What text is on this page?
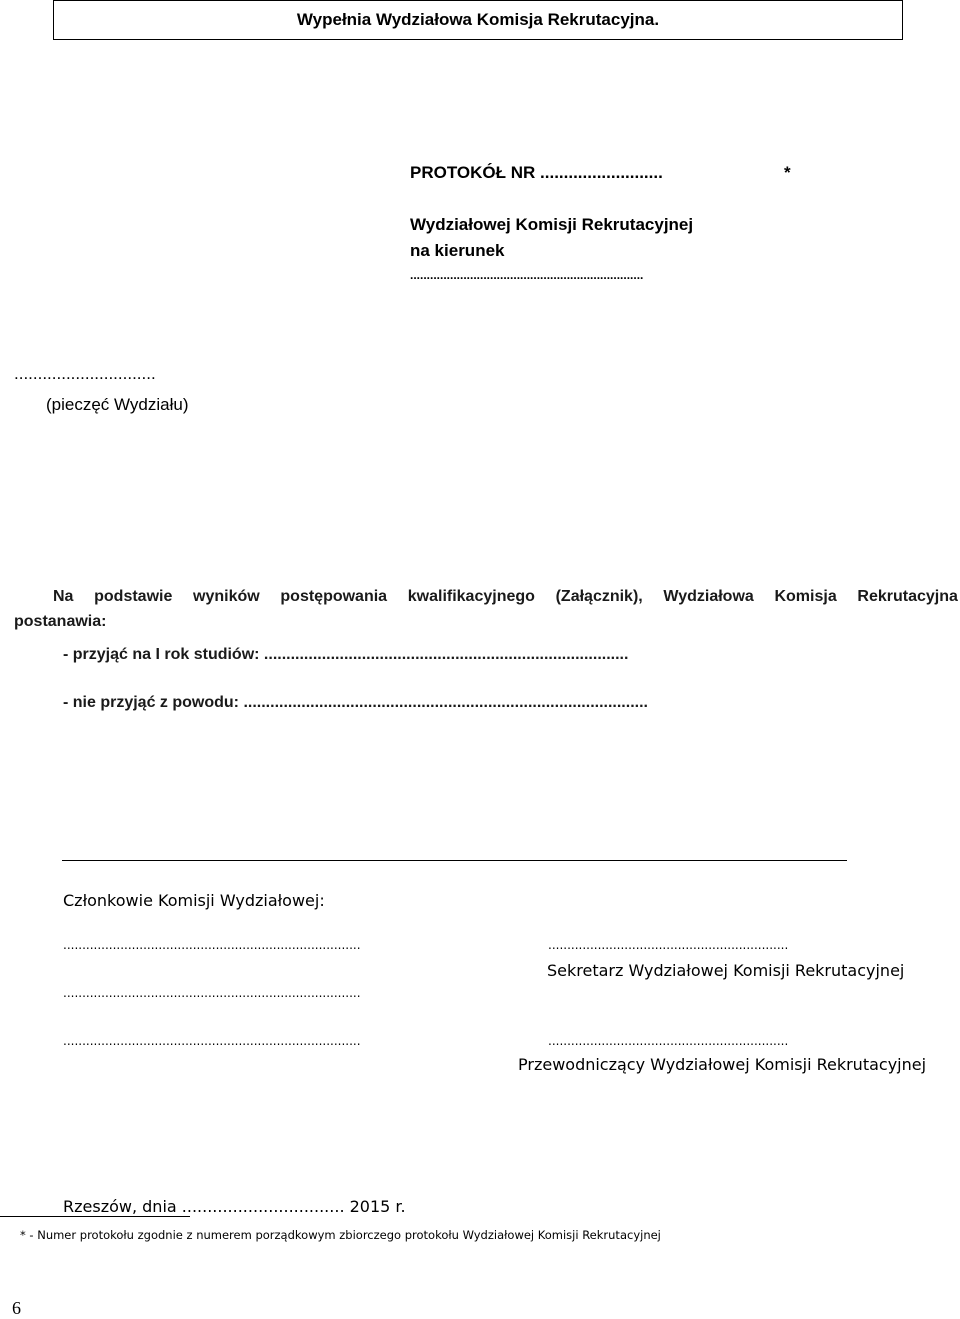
Wypełnia Wydziałowa Komisja Rekrutacyjna.
PROTOKÓŁ NR ..........................	*
Wydziałowej Komisji Rekrutacyjnej
na kierunek
......................................................................
..............................
(pieczęć Wydziału)
Na podstawie wyników postępowania kwalifikacyjnego (Załącznik), Wydziałowa Komisja Rekrutacyjna
postanawia:
- przyjąć na I rok studiów: ..................................................................................
- nie przyjąć z powodu: ...........................................................................................
Członkowie Komisji Wydziałowej:
..............................................................................
..............................................................................
..............................................................................
...............................................................
Sekretarz Wydziałowej Komisji Rekrutacyjnej
...............................................................
Przewodniczący Wydziałowej Komisji Rekrutacyjnej
Rzeszów, dnia ................................ 2015 r.
* - Numer protokołu zgodnie z numerem porządkowym zbiorczego protokołu Wydziałowej Komisji Rekrutacyjnej
6
